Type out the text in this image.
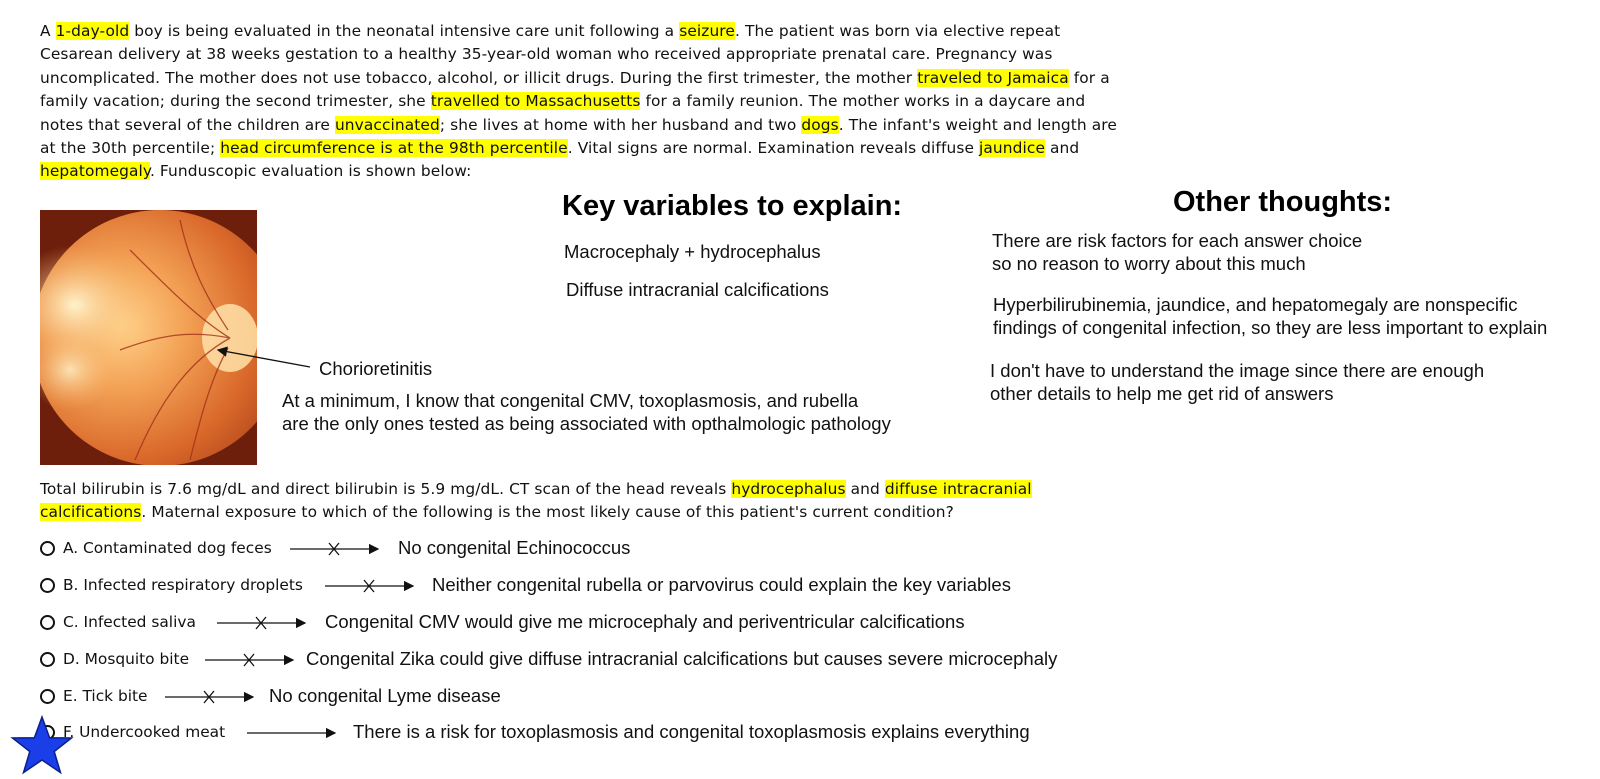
A 1-day-old boy is being evaluated in the neonatal intensive care unit following a seizure. The patient was born via elective repeat Cesarean delivery at 38 weeks gestation to a healthy 35-year-old woman who received appropriate prenatal care. Pregnancy was uncomplicated. The mother does not use tobacco, alcohol, or illicit drugs. During the first trimester, the mother traveled to Jamaica for a family vacation; during the second trimester, she travelled to Massachusetts for a family reunion. The mother works in a daycare and notes that several of the children are unvaccinated; she lives at home with her husband and two dogs. The infant's weight and length are at the 30th percentile; head circumference is at the 98th percentile. Vital signs are normal. Examination reveals diffuse jaundice and hepatomegaly. Funduscopic evaluation is shown below:
Chorioretinitis
At a minimum, I know that congenital CMV, toxoplasmosis, and rubella
are the only ones tested as being associated with opthalmologic pathology
Key variables to explain:
Macrocephaly + hydrocephalus
Diffuse intracranial calcifications
Other thoughts:
There are risk factors for each answer choice
so no reason to worry about this much
Hyperbilirubinemia, jaundice, and hepatomegaly are nonspecific
findings of congenital infection, so they are less important to explain
I don't have to understand the image since there are enough
other details to help me get rid of answers
Total bilirubin is 7.6 mg/dL and direct bilirubin is 5.9 mg/dL. CT scan of the head reveals hydrocephalus and diffuse intracranial calcifications. Maternal exposure to which of the following is the most likely cause of this patient's current condition?
A. Contaminated dog feces
B. Infected respiratory droplets
C. Infected saliva
D. Mosquito bite
E. Tick bite
F. Undercooked meat
No congenital Echinococcus
Neither congenital rubella or parvovirus could explain the key variables
Congenital CMV would give me microcephaly and periventricular calcifications
Congenital Zika could give diffuse intracranial calcifications but causes severe microcephaly
No congenital Lyme disease
There is a risk for toxoplasmosis and congenital toxoplasmosis explains everything
